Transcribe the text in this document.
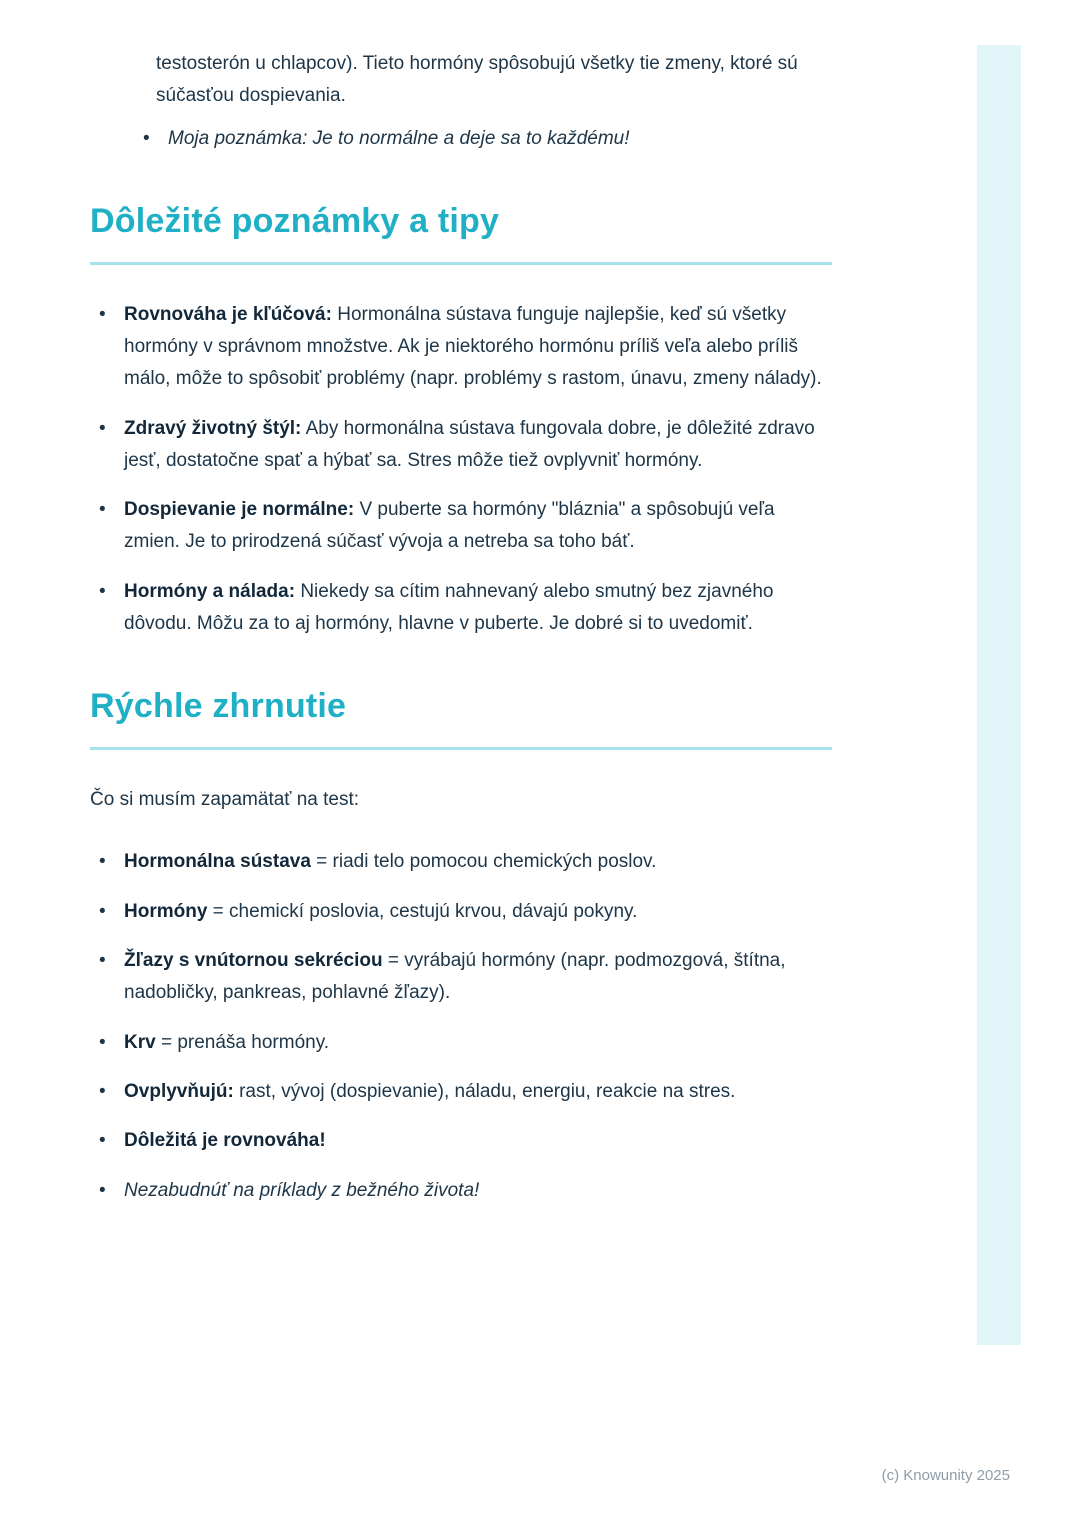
testosterón u chlapcov). Tieto hormóny spôsobujú všetky tie zmeny, ktoré sú súčasťou dospievania.

• Moja poznámka: Je to normálne a deje sa to každému!
Dôležité poznámky a tipy
• Rovnováha je kľúčová: Hormonálna sústava funguje najlepšie, keď sú všetky hormóny v správnom množstve. Ak je niektorého hormónu príliš veľa alebo príliš málo, môže to spôsobiť problémy (napr. problémy s rastom, únavu, zmeny nálady).
• Zdravý životný štýl: Aby hormonálna sústava fungovala dobre, je dôležité zdravo jesť, dostatočne spať a hýbať sa. Stres môže tiež ovplyvniť hormóny.
• Dospievanie je normálne: V puberte sa hormóny "bláznia" a spôsobujú veľa zmien. Je to prirodzená súčasť vývoja a netreba sa toho báť.
• Hormóny a nálada: Niekedy sa cítim nahnevaný alebo smutný bez zjavného dôvodu. Môžu za to aj hormóny, hlavne v puberte. Je dobré si to uvedomiť.
Rýchle zhrnutie

Čo si musím zapamätať na test:

• Hormonálna sústava = riadi telo pomocou chemických poslov.
• Hormóny = chemickí poslovia, cestujú krvou, dávajú pokyny.
• Žľazy s vnútornou sekréciou = vyrábajú hormóny (napr. podmozgová, štítna, nadobličky, pankreas, pohlavné žľazy).
• Krv = prenáša hormóny.
• Ovplyvňujú: rast, vývoj (dospievanie), náladu, energiu, reakcie na stres.
• Dôležitá je rovnováha!
• Nezabudnúť na príklady z bežného života!
(c) Knowunity 2025
